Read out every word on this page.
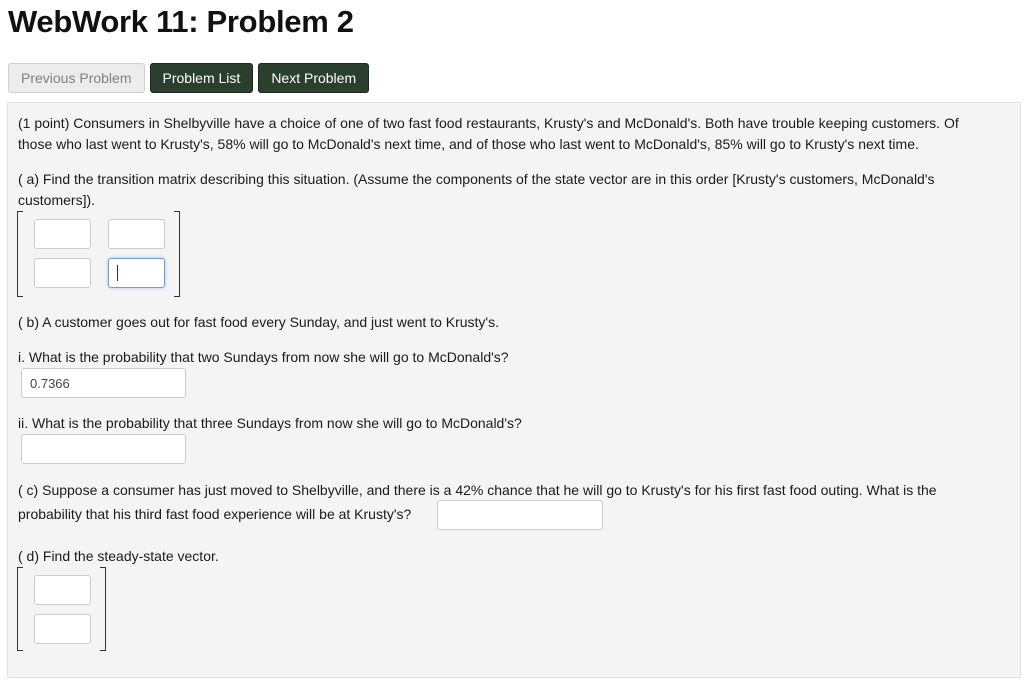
WebWork 11: Problem 2
Previous Problem	Problem List	Next Problem

(1 point) Consumers in Shelbyville have a choice of one of two fast food restaurants, Krusty's and McDonald's. Both have trouble keeping customers. Of

those who last went to Krusty's, 58% will go to McDonald's next time, and of those who last went to McDonald's, 85% will go to Krusty's next time.

( a) Find the transition matrix describing this situation. (Assume the components of the state vector are in this order [Krusty's customers, McDonald's

customers]).

( b) A customer goes out for fast food every Sunday, and just went to Krusty's.

i. What is the probability that two Sundays from now she will go to McDonald's?

0.7366

ii. What is the probability that three Sundays from now she will go to McDonald's?

( c) Suppose a consumer has just moved to Shelbyville, and there is a 42% chance that he will go to Krusty's for his first fast food outing. What is the

probability that his third fast food experience will be at Krusty's?

( d) Find the steady-state vector.
